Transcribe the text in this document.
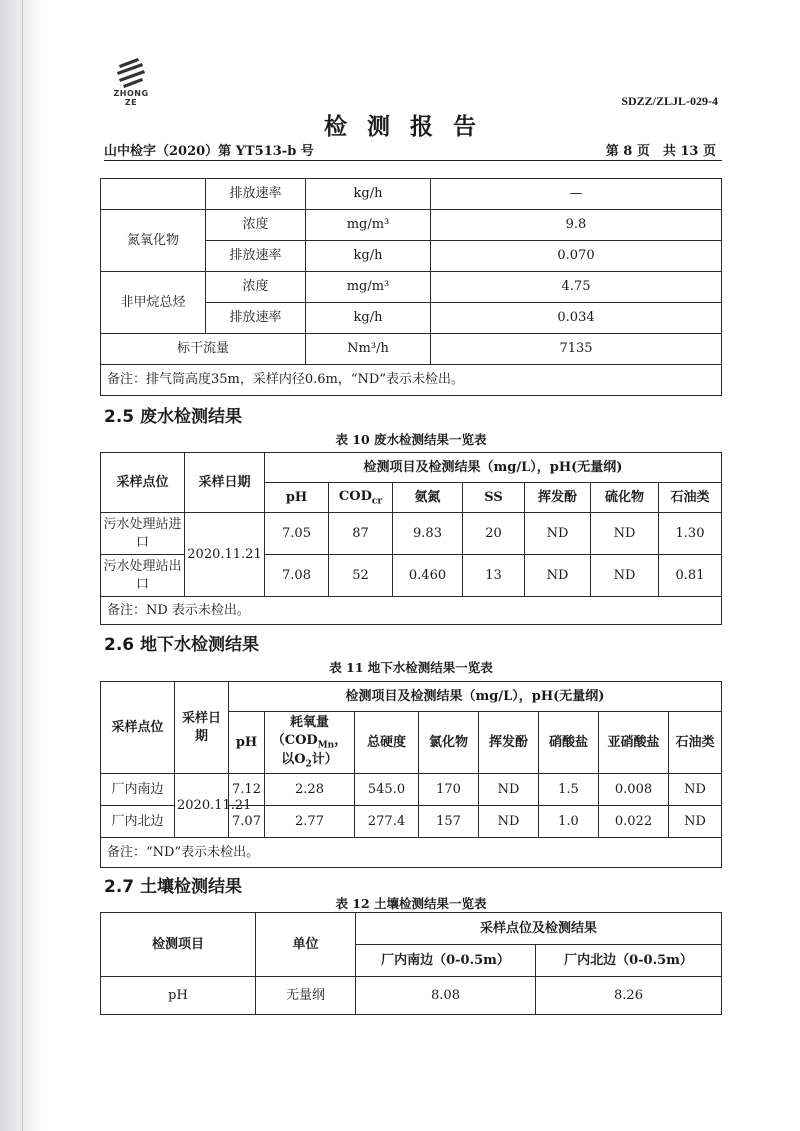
ZHONG ZE	SDZZ/ZLJL-029-4
检测报告
山中检字（2020）第 YT513-b 号	第 8 页　共 13 页
	排放速率	kg/h	—
氮氧化物	浓度	mg/m³	9.8
	排放速率	kg/h	0.070
非甲烷总烃	浓度	mg/m³	4.75
	排放速率	kg/h	0.034
标干流量		Nm³/h	7135
备注：排气筒高度35m，采样内径0.6m，“ND”表示未检出。			
2.5 废水检测结果
表 10 废水检测结果一览表
采样点位	采样日期	检测项目及检测结果（mg/L），pH(无量纲)						
		pH	$COD_{cr}$	氨氮	SS	挥发酚	硫化物	石油类
污水处理站进口	2020.11.21	7.05	87	9.83	20	ND	ND	1.30
污水处理站出口		7.08	52	0.460	13	ND	ND	0.81
备注：ND 表示未检出。								
2.6 地下水检测结果
表 11 地下水检测结果一览表
采样点位	采样日期	检测项目及检测结果（mg/L），pH(无量纲)							
		pH	耗氧量
（$COD_{Mn}$，
以$O_2$计）	总硬度	氯化物	挥发酚	硝酸盐	亚硝酸盐	石油类
厂内南边	2020.11.21	7.12	2.28	545.0	170	ND	1.5	0.008	ND
厂内北边		7.07	2.77	277.4	157	ND	1.0	0.022	ND
备注：“ND”表示未检出。									
2.7 土壤检测结果
表 12 土壤检测结果一览表
检测项目	单位	采样点位及检测结果	
		厂内南边（0-0.5m）	厂内北边（0-0.5m）
pH	无量纲	8.08	8.26
